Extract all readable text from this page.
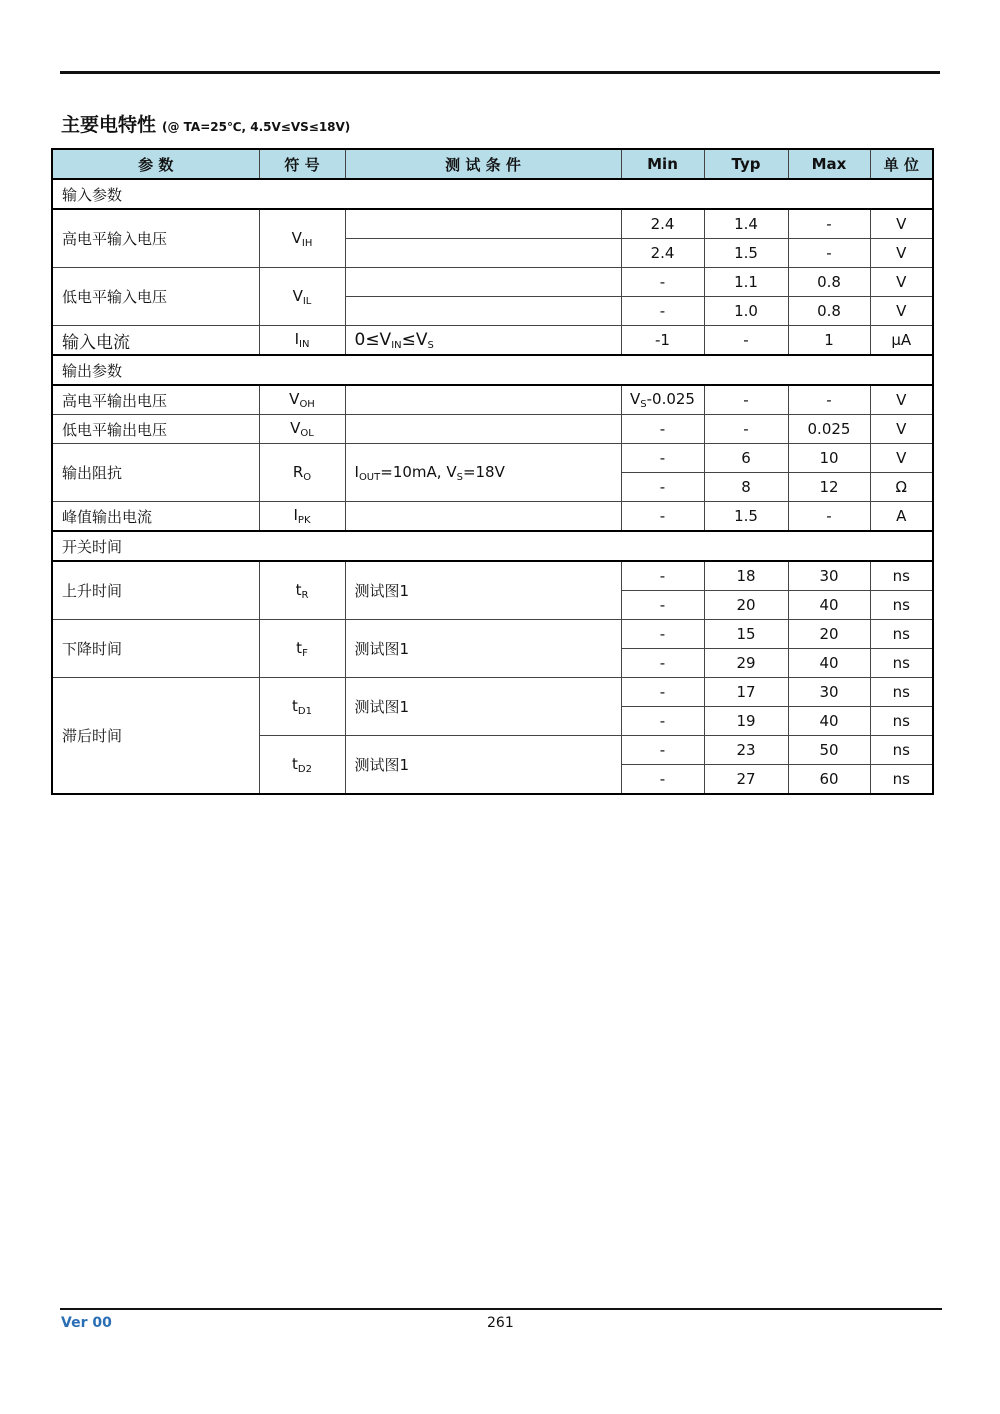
主要电特性 (@ TA=25℃, 4.5V≤VS≤18V)
参 数	符 号	测 试 条 件	Min	Typ	Max	单 位
输入参数						
高电平输入电压	$V_{IH}$		2.4	1.4	-	V
			2.4	1.5	-	V
低电平输入电压	$V_{IL}$		-	1.1	0.8	V
			-	1.0	0.8	V
输入电流	$I_{IN}$	$0\le V_{IN}\le V_S$	-1	-	1	μA
输出参数						
高电平输出电压	$V_{OH}$		$V_S-0.025$	-	-	V
低电平输出电压	$V_{OL}$		-	-	0.025	V
输出阻抗	$R_O$	$I_{OUT}=10mA$, $V_S=18V$	-	6	10	V
			-	8	12	Ω
峰值输出电流	$I_{PK}$		-	1.5	-	A
开关时间						
上升时间	$t_R$	测试图1	-	18	30	ns
			-	20	40	ns
下降时间	$t_F$	测试图1	-	15	20	ns
			-	29	40	ns
滞后时间	$t_{D1}$	测试图1	-	17	30	ns
			-	19	40	ns
	$t_{D2}$	测试图1	-	23	50	ns
			-	27	60	ns
Ver 00	261
